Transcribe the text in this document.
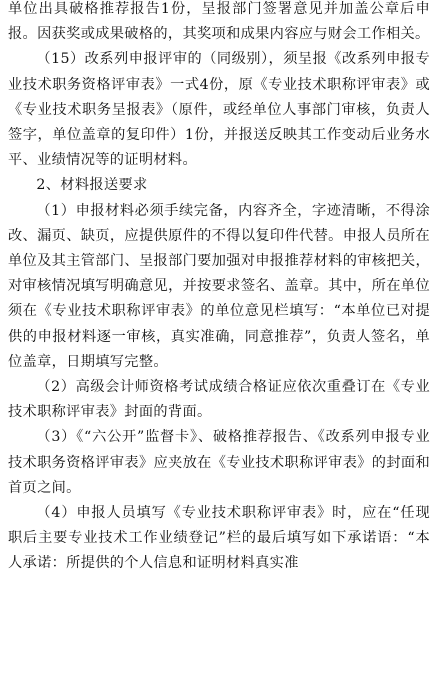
单位出具破格推荐报告1份，呈报部门签署意见并加盖公章后申报。因获奖或成果破格的，其奖项和成果内容应与财会工作相关。

（15）改系列申报评审的（同级别），须呈报《改系列申报专业技术职务资格评审表》一式4份，原《专业技术职称评审表》或《专业技术职务呈报表》（原件，或经单位人事部门审核，负责人签字，单位盖章的复印件）1份，并报送反映其工作变动后业务水平、业绩情况等的证明材料。

2、材料报送要求

（1）申报材料必须手续完备，内容齐全，字迹清晰，不得涂改、漏页、缺页，应提供原件的不得以复印件代替。申报人员所在单位及其主管部门、呈报部门要加强对申报推荐材料的审核把关，对审核情况填写明确意见，并按要求签名、盖章。其中，所在单位须在《专业技术职称评审表》的单位意见栏填写：“本单位已对提供的申报材料逐一审核，真实准确，同意推荐”，负责人签名，单位盖章，日期填写完整。

（2）高级会计师资格考试成绩合格证应依次重叠订在《专业技术职称评审表》封面的背面。

（3）《“六公开”监督卡》、破格推荐报告、《改系列申报专业技术职务资格评审表》应夹放在《专业技术职称评审表》的封面和首页之间。

（4）申报人员填写《专业技术职称评审表》时，应在“任现职后主要专业技术工作业绩登记”栏的最后填写如下承诺语：“本人承诺：所提供的个人信息和证明材料真实准
